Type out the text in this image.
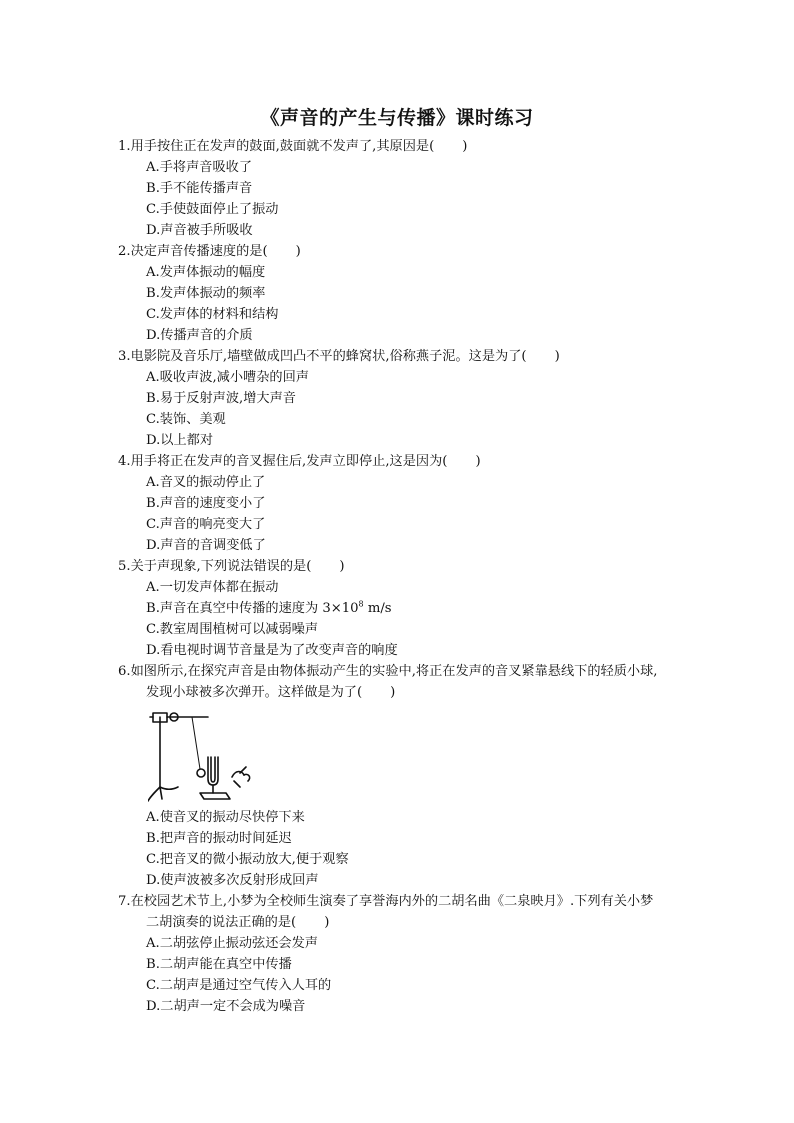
《声音的产生与传播》课时练习
1.用手按住正在发声的鼓面,鼓面就不发声了,其原因是( )
A.手将声音吸收了
B.手不能传播声音
C.手使鼓面停止了振动
D.声音被手所吸收
2.决定声音传播速度的是( )
A.发声体振动的幅度
B.发声体振动的频率
C.发声体的材料和结构
D.传播声音的介质
3.电影院及音乐厅,墙壁做成凹凸不平的蜂窝状,俗称燕子泥。这是为了( )
A.吸收声波,减小嘈杂的回声
B.易于反射声波,增大声音
C.装饰、美观
D.以上都对
4.用手将正在发声的音叉握住后,发声立即停止,这是因为( )
A.音叉的振动停止了
B.声音的速度变小了
C.声音的响亮变大了
D.声音的音调变低了
5.关于声现象,下列说法错误的是( )
A.一切发声体都在振动
B.声音在真空中传播的速度为 $3\times 10^8$ m/s
C.教室周围植树可以减弱噪声
D.看电视时调节音量是为了改变声音的响度
6.如图所示,在探究声音是由物体振动产生的实验中,将正在发声的音叉紧靠悬线下的轻质小球,
发现小球被多次弹开。这样做是为了( )
A.使音叉的振动尽快停下来
B.把声音的振动时间延迟
C.把音叉的微小振动放大,便于观察
D.使声波被多次反射形成回声
7.在校园艺术节上,小梦为全校师生演奏了享誉海内外的二胡名曲《二泉映月》.下列有关小梦
二胡演奏的说法正确的是( )
A.二胡弦停止振动弦还会发声
B.二胡声能在真空中传播
C.二胡声是通过空气传入人耳的
D.二胡声一定不会成为噪音
